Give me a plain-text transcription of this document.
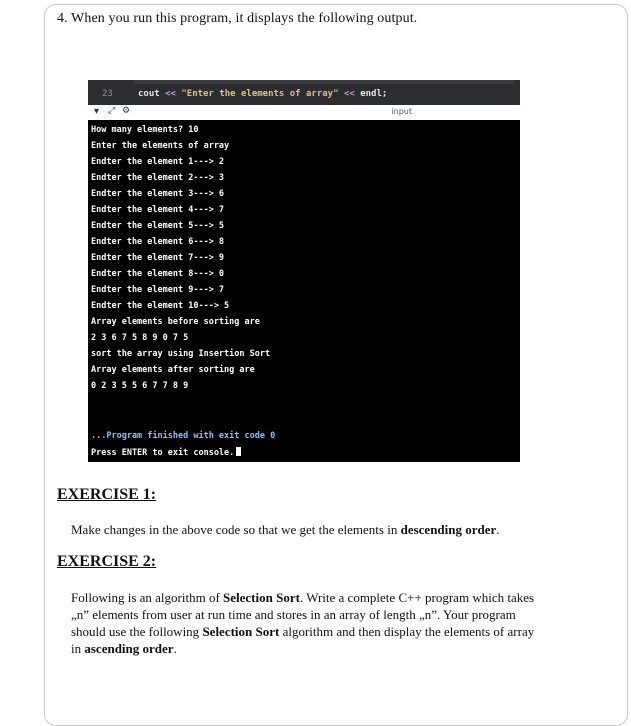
4. When you run this program, it displays the following output.
23	cout << "Enter the elements of array" << endl;
▾ ⤢ ⚙	input
...Program finished with exit code 0
Press ENTER to exit console.
How many elements? 10
Enter the elements of array
Endter the element 1---> 2
Endter the element 2---> 3
Endter the element 3---> 6
Endter the element 4---> 7
Endter the element 5---> 5
Endter the element 6---> 8
Endter the element 7---> 9
Endter the element 8---> 0
Endter the element 9---> 7
Endter the element 10---> 5
Array elements before sorting are
2 3 6 7 5 8 9 0 7 5
sort the array using Insertion Sort
Array elements after sorting are
0 2 3 5 5 6 7 7 8 9
EXERCISE 1:
Make changes in the above code so that we get the elements in descending order.
EXERCISE 2:
Following is an algorithm of Selection Sort. Write a complete C++ program which takes
„n” elements from user at run time and stores in an array of length „n”. Your program
should use the following Selection Sort algorithm and then display the elements of array
in ascending order.
